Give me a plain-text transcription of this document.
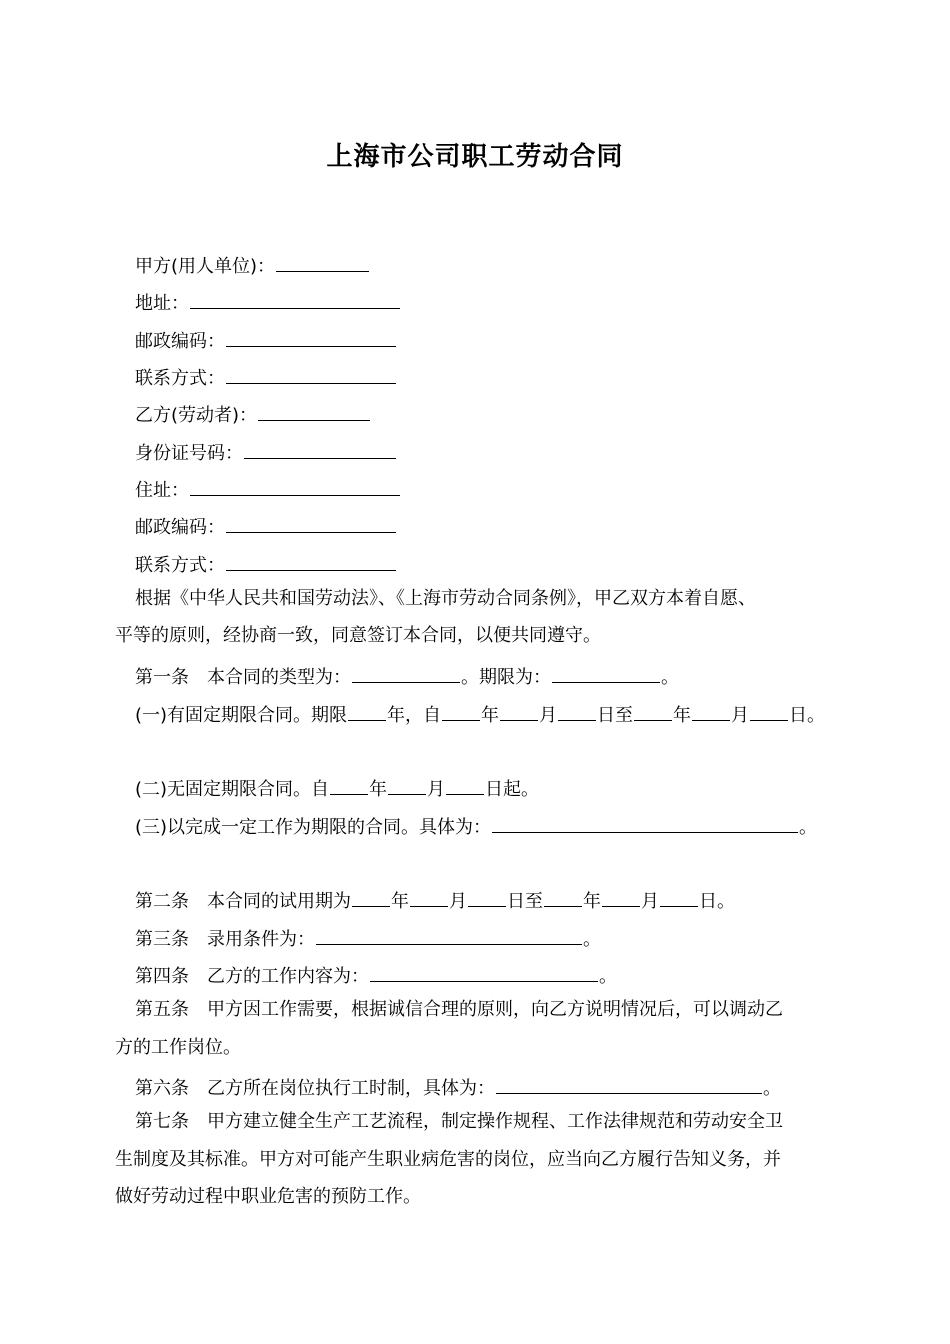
上海市公司职工劳动合同
甲方(用人单位)：
地址：
邮政编码：
联系方式：
乙方(劳动者)：
身份证号码：
住址：
邮政编码：
联系方式：
根据《中华人民共和国劳动法》、《上海市劳动合同条例》，甲乙双方本着自愿、
平等的原则，经协商一致，同意签订本合同，以便共同遵守。
第一条 本合同的类型为：	。期限为：	。
(一)有固定期限合同。期限 年，自 年 月 日至 年 月 日。
(二)无固定期限合同。自 年 月 日起。
(三)以完成一定工作为期限的合同。具体为：	。
第二条 本合同的试用期为 年 月 日至 年 月 日。
第三条 录用条件为：	。
第四条 乙方的工作内容为：	。
第五条 甲方因工作需要，根据诚信合理的原则，向乙方说明情况后，可以调动乙
方的工作岗位。
第六条 乙方所在岗位执行工时制，具体为：	。
第七条 甲方建立健全生产工艺流程，制定操作规程、工作法律规范和劳动安全卫
生制度及其标准。甲方对可能产生职业病危害的岗位，应当向乙方履行告知义务，并
做好劳动过程中职业危害的预防工作。
